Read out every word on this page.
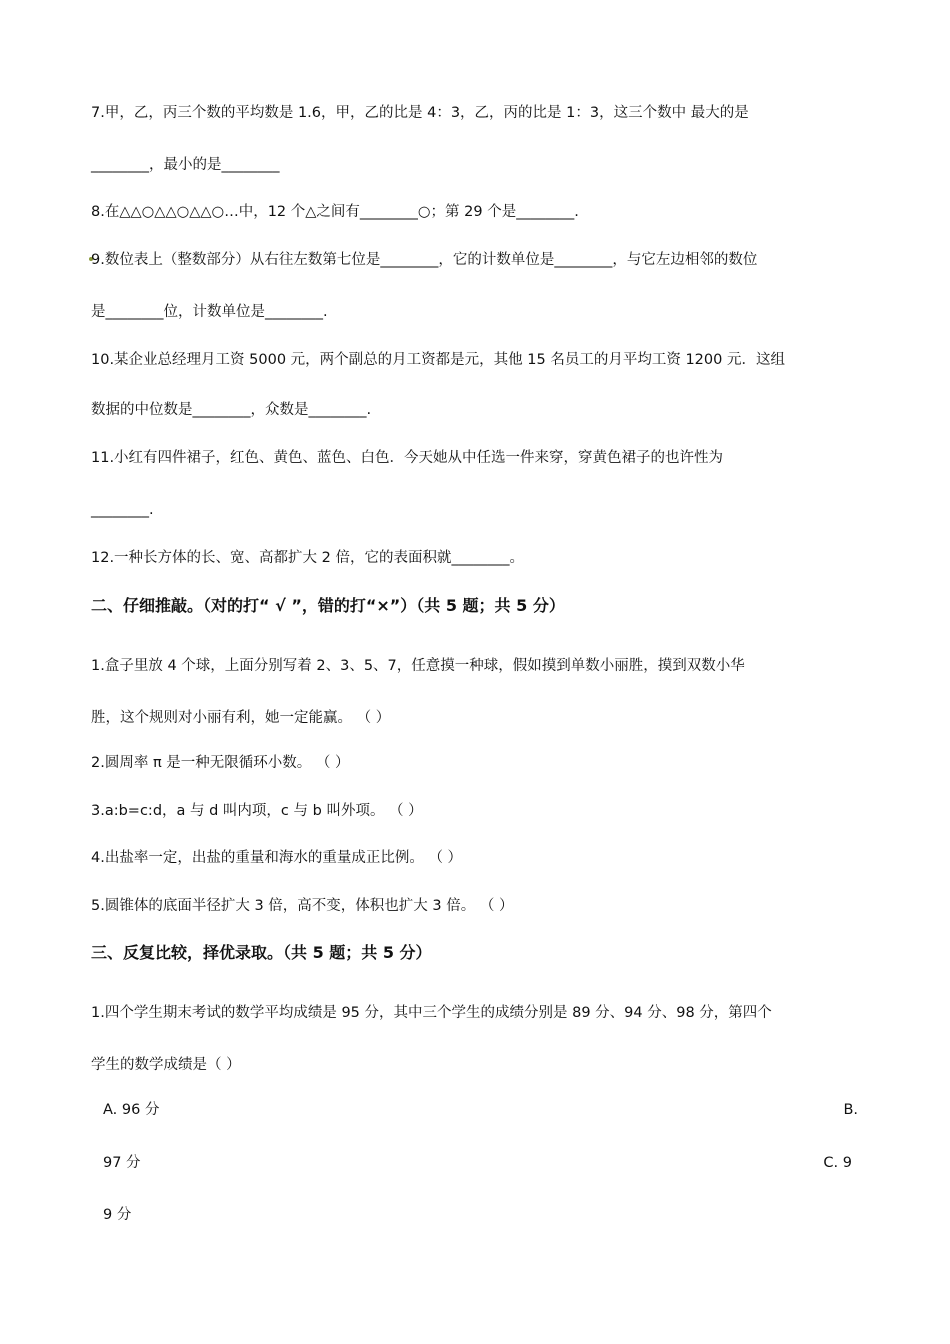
7.甲，乙，丙三个数的平均数是 1.6，甲，乙的比是 4：3，乙，丙的比是 1：3，这三个数中 最大的是
________，最小的是________
8.在△△○△△○△△○…中，12 个△之间有________○；第 29 个是________.
9.数位表上（整数部分）从右往左数第七位是________，它的计数单位是________，与它左边相邻的数位
是________位，计数单位是________.
10.某企业总经理月工资 5000 元，两个副总的月工资都是元，其他 15 名员工的月平均工资 1200 元．这组
数据的中位数是________，众数是________.
11.小红有四件裙子，红色、黄色、蓝色、白色．今天她从中任选一件来穿，穿黄色裙子的也许性为
________.
12.一种长方体的长、宽、高都扩大 2 倍，它的表面积就________。
二、仔细推敲。（对的打“ √ ”，错的打“×”）（共 5 题；共 5 分）
1.盒子里放 4 个球，上面分别写着 2、3、5、7，任意摸一种球，假如摸到单数小丽胜，摸到双数小华
胜，这个规则对小丽有利，她一定能赢。 （ ）
2.圆周率 π 是一种无限循环小数。 （ ）
3.a:b=c:d，a 与 d 叫内项，c 与 b 叫外项。 （ ）
4.出盐率一定，出盐的重量和海水的重量成正比例。 （ ）
5.圆锥体的底面半径扩大 3 倍，高不变，体积也扩大 3 倍。 （ ）
三、反复比较，择优录取。（共 5 题；共 5 分）
1.四个学生期末考试的数学平均成绩是 95 分，其中三个学生的成绩分别是 89 分、94 分、98 分，第四个
学生的数学成绩是（ ）
A. 96 分	B.
97 分	C. 9
9 分
